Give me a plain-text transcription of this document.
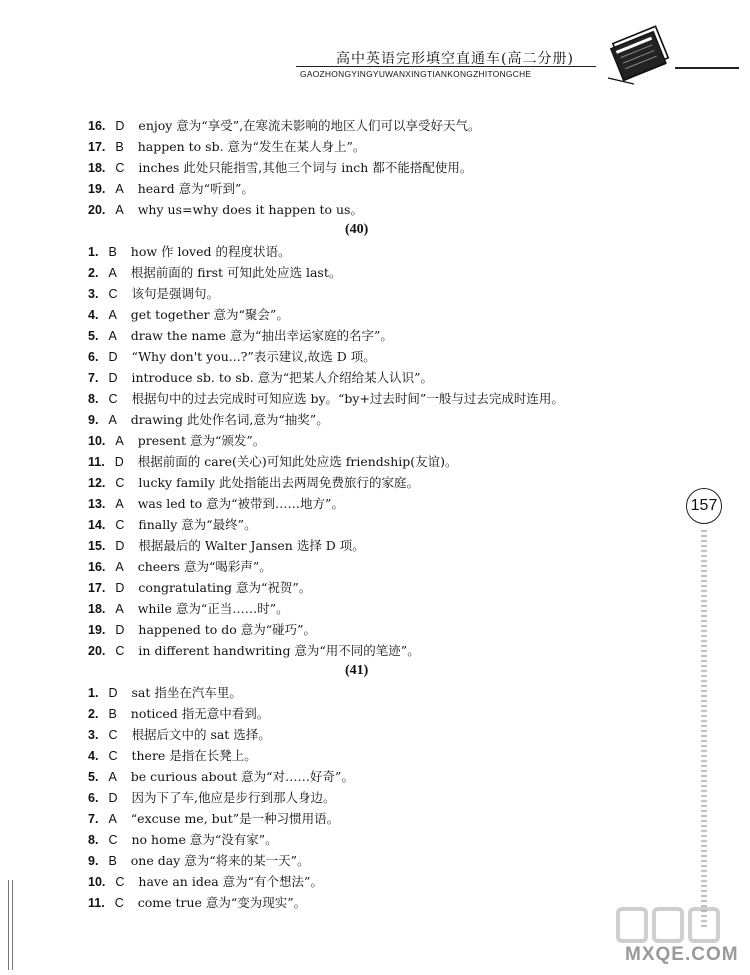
高中英语完形填空直通车(高二分册)
GAOZHONGYINGYUWANXINGTIANKONGZHITONGCHE
157
16. D enjoy 意为“享受”,在寒流未影响的地区人们可以享受好天气。
17. B happen to sb. 意为“发生在某人身上”。
18. C inches 此处只能指雪,其他三个词与 inch 都不能搭配使用。
19. A heard 意为“听到”。
20. A why us=why does it happen to us。
(40)
1. B how 作 loved 的程度状语。
2. A 根据前面的 first 可知此处应选 last。
3. C 该句是强调句。
4. A get together 意为“聚会”。
5. A draw the name 意为“抽出幸运家庭的名字”。
6. D “Why don't you...?”表示建议,故选 D 项。
7. D introduce sb. to sb. 意为“把某人介绍给某人认识”。
8. C 根据句中的过去完成时可知应选 by。“by+过去时间”一般与过去完成时连用。
9. A drawing 此处作名词,意为“抽奖”。
10. A present 意为“颁发”。
11. D 根据前面的 care(关心)可知此处应选 friendship(友谊)。
12. C lucky family 此处指能出去两周免费旅行的家庭。
13. A was led to 意为“被带到……地方”。
14. C finally 意为“最终”。
15. D 根据最后的 Walter Jansen 选择 D 项。
16. A cheers 意为“喝彩声”。
17. D congratulating 意为“祝贺”。
18. A while 意为“正当……时”。
19. D happened to do 意为“碰巧”。
20. C in different handwriting 意为“用不同的笔迹”。
(41)
1. D sat 指坐在汽车里。
2. B noticed 指无意中看到。
3. C 根据后文中的 sat 选择。
4. C there 是指在长凳上。
5. A be curious about 意为“对……好奇”。
6. D 因为下了车,他应是步行到那人身边。
7. A “excuse me, but”是一种习惯用语。
8. C no home 意为“没有家”。
9. B one day 意为“将来的某一天”。
10. C have an idea 意为“有个想法”。
11. C come true 意为“变为现实”。
MXQE.COM
